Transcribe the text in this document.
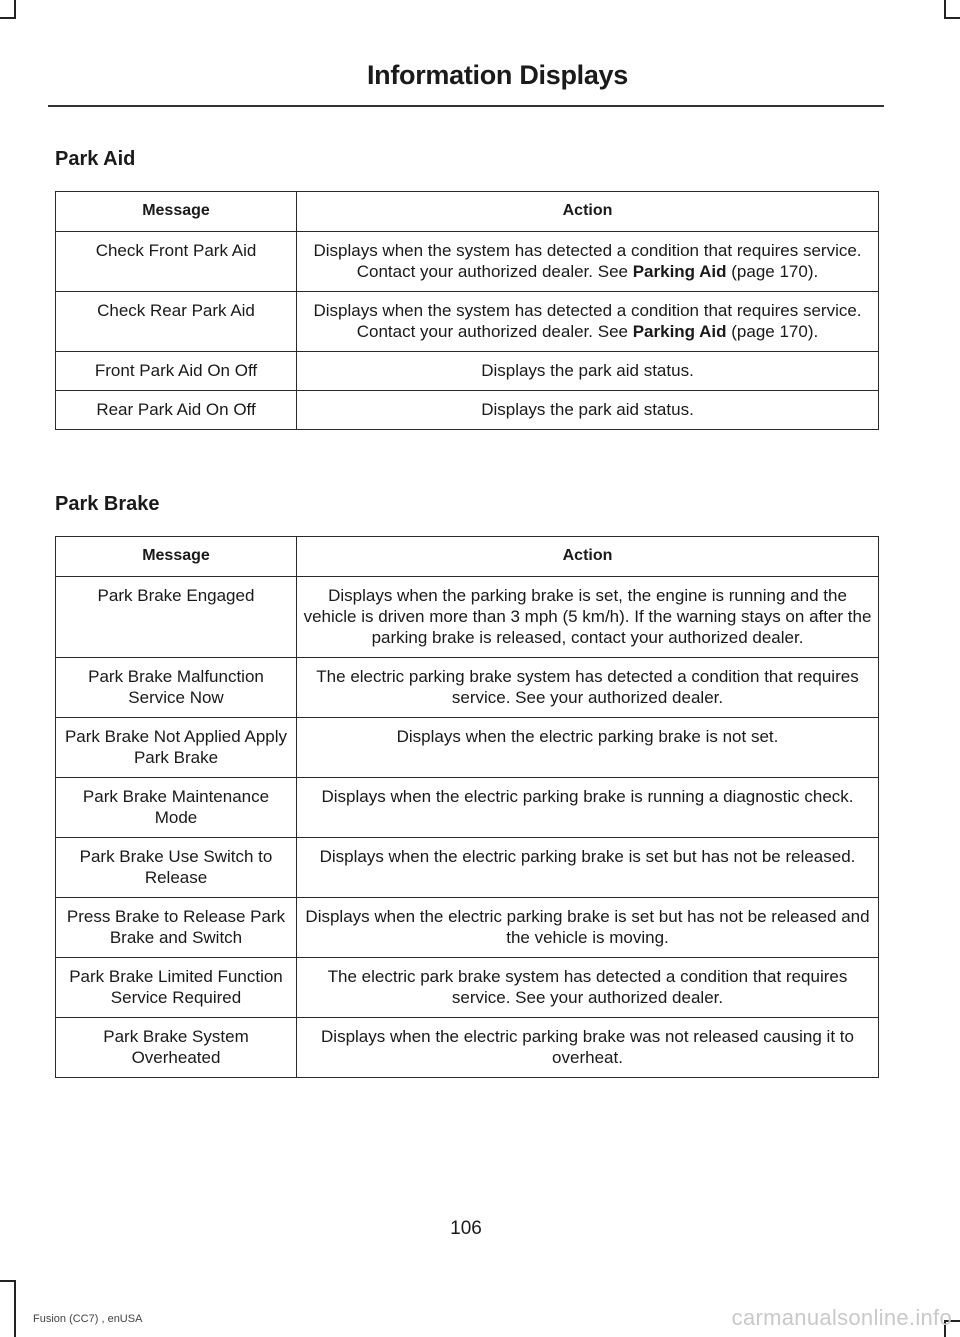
Information Displays
Park Aid
Message	Action
Check Front Park Aid	Displays when the system has detected a condition that requires service. Contact your authorized dealer. See Parking Aid (page 170).
Check Rear Park Aid	Displays when the system has detected a condition that requires service. Contact your authorized dealer. See Parking Aid (page 170).
Front Park Aid On Off	Displays the park aid status.
Rear Park Aid On Off	Displays the park aid status.
Park Brake
Message	Action
Park Brake Engaged	Displays when the parking brake is set, the engine is running and the vehicle is driven more than 3 mph (5 km/h). If the warning stays on after the parking brake is released, contact your authorized dealer.
Park Brake Malfunction Service Now	The electric parking brake system has detected a condition that requires service. See your authorized dealer.
Park Brake Not Applied Apply Park Brake	Displays when the electric parking brake is not set.
Park Brake Maintenance Mode	Displays when the electric parking brake is running a diagnostic check.
Park Brake Use Switch to Release	Displays when the electric parking brake is set but has not be released.
Press Brake to Release Park Brake and Switch	Displays when the electric parking brake is set but has not be released and the vehicle is moving.
Park Brake Limited Function Service Required	The electric park brake system has detected a condition that requires service. See your authorized dealer.
Park Brake System Overheated	Displays when the electric parking brake was not released causing it to overheat.
106
Fusion (CC7) , enUSA	carmanualsonline.info
